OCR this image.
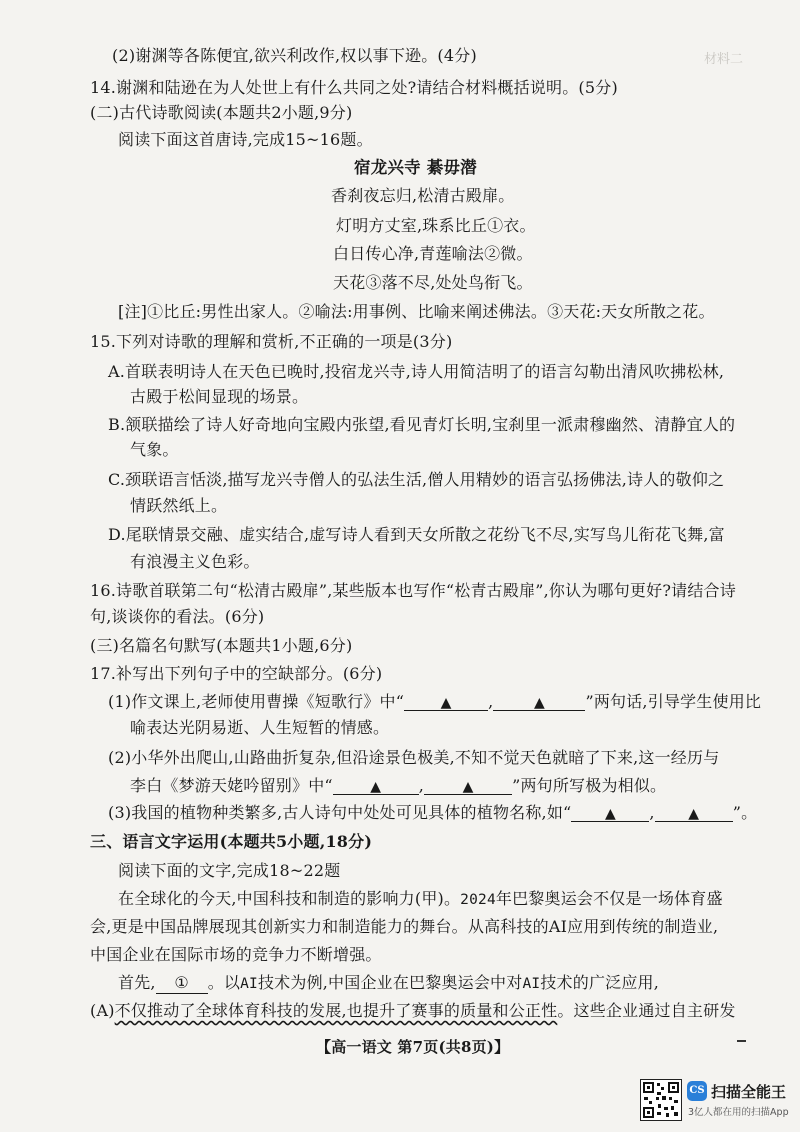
材料二
(2)谢渊等各陈便宜,欲兴利改作,权以事下逊。(4分)
14.谢渊和陆逊在为人处世上有什么共同之处?请结合材料概括说明。(5分)
(二)古代诗歌阅读(本题共2小题,9分)
阅读下面这首唐诗,完成15~16题。
宿龙兴寺 綦毋潜
香刹夜忘归,松清古殿扉。
灯明方丈室,珠系比丘①衣。
白日传心净,青莲喻法②微。
天花③落不尽,处处鸟衔飞。
[注]①比丘:男性出家人。②喻法:用事例、比喻来阐述佛法。③天花:天女所散之花。
15.下列对诗歌的理解和赏析,不正确的一项是(3分)
A.首联表明诗人在天色已晚时,投宿龙兴寺,诗人用简洁明了的语言勾勒出清风吹拂松林,
古殿于松间显现的场景。
B.颔联描绘了诗人好奇地向宝殿内张望,看见青灯长明,宝刹里一派肃穆幽然、清静宜人的
气象。
C.颈联语言恬淡,描写龙兴寺僧人的弘法生活,僧人用精妙的语言弘扬佛法,诗人的敬仰之
情跃然纸上。
D.尾联情景交融、虚实结合,虚写诗人看到天女所散之花纷飞不尽,实写鸟儿衔花飞舞,富
有浪漫主义色彩。
16.诗歌首联第二句“松清古殿扉”,某些版本也写作“松青古殿扉”,你认为哪句更好?请结合诗
句,谈谈你的看法。(6分)
(三)名篇名句默写(本题共1小题,6分)
17.补写出下列句子中的空缺部分。(6分)
(1)作文课上,老师使用曹操《短歌行》中“	▲ ,	▲	”两句话,引导学生使用比
喻表达光阴易逝、人生短暂的情感。
(2)小华外出爬山,山路曲折复杂,但沿途景色极美,不知不觉天色就暗了下来,这一经历与
李白《梦游天姥吟留别》中“	▲ ,	▲ ”两句所写极为相似。
(3)我国的植物种类繁多,古人诗句中处处可见具体的植物名称,如“ ▲ , ▲ ”。
三、语言文字运用(本题共5小题,18分)
阅读下面的文字,完成18~22题
在全球化的今天,中国科技和制造的影响力(甲)。2024年巴黎奥运会不仅是一场体育盛
会,更是中国品牌展现其创新实力和制造能力的舞台。从高科技的AI应用到传统的制造业,
中国企业在国际市场的竞争力不断增强。
首先, ① 。以AI技术为例,中国企业在巴黎奥运会中对AI技术的广泛应用,
(A)不仅推动了全球体育科技的发展,也提升了赛事的质量和公正性。这些企业通过自主研发
【高一语文 第7页(共8页)】
CS 扫描全能王
3亿人都在用的扫描App
